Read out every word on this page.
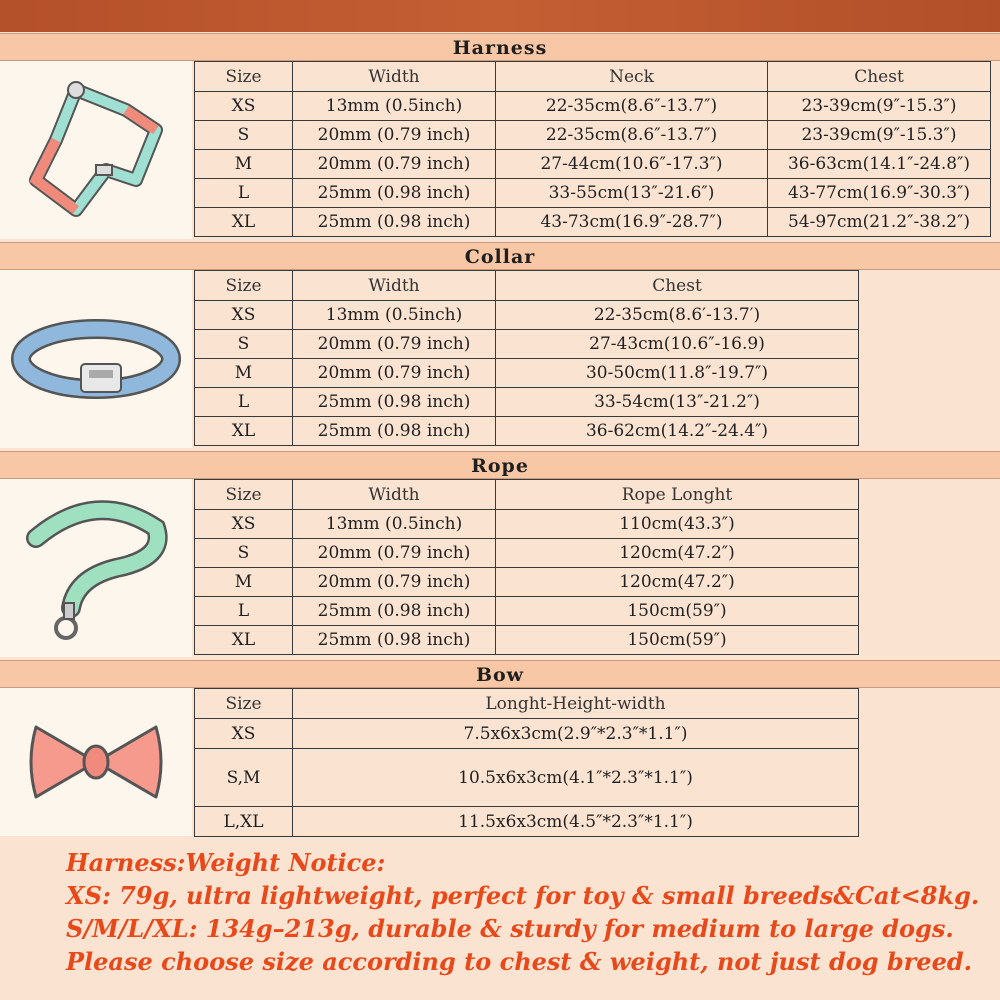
Harness
Size	Width	Neck	Chest
XS	13mm (0.5inch)	22-35cm(8.6″-13.7″)	23-39cm(9″-15.3″)
S	20mm (0.79 inch)	22-35cm(8.6″-13.7″)	23-39cm(9″-15.3″)
M	20mm (0.79 inch)	27-44cm(10.6″-17.3″)	36-63cm(14.1″-24.8″)
L	25mm (0.98 inch)	33-55cm(13″-21.6″)	43-77cm(16.9″-30.3″)
XL	25mm (0.98 inch)	43-73cm(16.9″-28.7″)	54-97cm(21.2″-38.2″)
Collar
Size	Width	Chest
XS	13mm (0.5inch)	22-35cm(8.6′-13.7′)
S	20mm (0.79 inch)	27-43cm(10.6″-16.9)
M	20mm (0.79 inch)	30-50cm(11.8″-19.7″)
L	25mm (0.98 inch)	33-54cm(13″-21.2″)
XL	25mm (0.98 inch)	36-62cm(14.2″-24.4″)
Rope
Size	Width	Rope Longht
XS	13mm (0.5inch)	110cm(43.3″)
S	20mm (0.79 inch)	120cm(47.2″)
M	20mm (0.79 inch)	120cm(47.2″)
L	25mm (0.98 inch)	150cm(59″)
XL	25mm (0.98 inch)	150cm(59″)
Bow
Size	Longht-Height-width
XS	7.5x6x3cm(2.9″*2.3″*1.1″)
S,M	10.5x6x3cm(4.1″*2.3″*1.1″)
L,XL	11.5x6x3cm(4.5″*2.3″*1.1″)
Harness:Weight Notice:
XS: 79g, ultra lightweight, perfect for toy & small breeds&Cat<8kg.
S/M/L/XL: 134g–213g, durable & sturdy for medium to large dogs.
Please choose size according to chest & weight, not just dog breed.
